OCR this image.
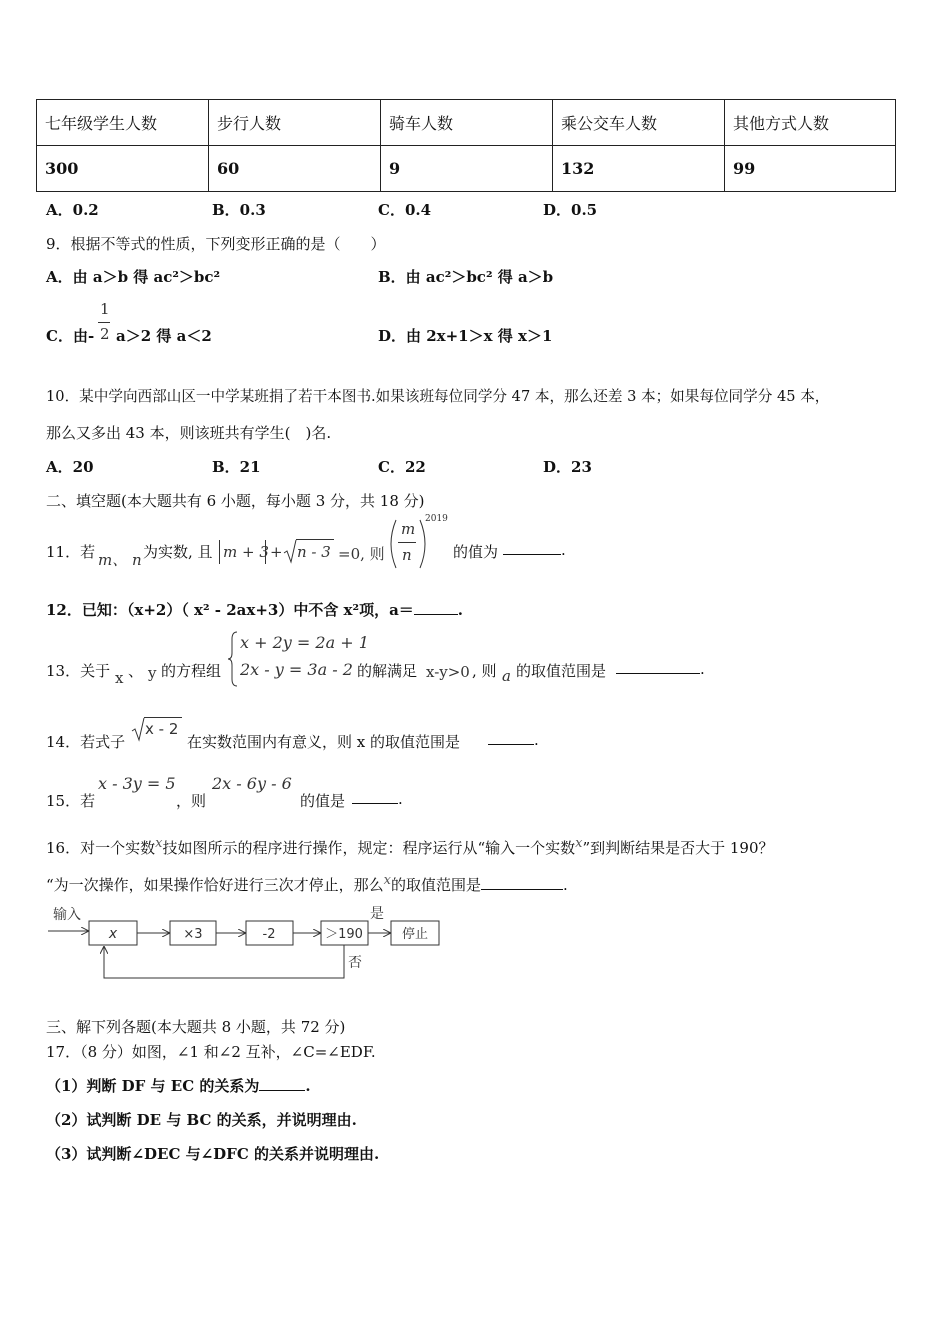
七年级学生人数	步行人数	骑车人数	乘公交车人数	其他方式人数
300	60	9	132	99
A．0.2	B．0.3	C．0.4	D．0.5
9．根据不等式的性质，下列变形正确的是（　　）
A．由 a＞b 得 ac²＞bc²	B．由 ac²＞bc² 得 a＞b
C．由-
1
2 a＞2 得 a＜2	D．由 2x+1＞x 得 x＞1
10．某中学向西部山区一中学某班捐了若干本图书.如果该班每位同学分 47 本，那么还差 3 本；如果每位同学分 45 本，
那么又多出 43 本，则该班共有学生(　)名.
A．20	B．21	C．22	D．23
二、填空题(本大题共有 6 小题，每小题 3 分，共 18 分)
11．若 m、 n 为实数, 且 m + 3 + n - 3 =0, 则
m
n
2019
的值为	.
12．已知：（x+2）（ x² - 2ax+3）中不含 x²项，a＝	.
13．关于 x 、 y 的方程组
x + 2y = 2a + 1
2x - y = 3a - 2 的解满足 x-y>0 , 则 a 的取值范围是	.
14．若式子
x - 2
在实数范围内有意义，则 x 的取值范围是	.
15．若
x - 3y = 5
，则
2x - 6y - 6
的值是	.
16．对一个实数x技如图所示的程序进行操作，规定：程序运行从“输入一个实数x”到判断结果是否大于 190？
“为一次操作，如果操作恰好进行三次才停止，那么x的取值范围是	.
输入
x	×3	-2	＞190
是
停止
否
三、解下列各题(本大题共 8 小题，共 72 分)
17．（8 分）如图，∠1 和∠2 互补，∠C=∠EDF.
（1）判断 DF 与 EC 的关系为	.
（2）试判断 DE 与 BC 的关系，并说明理由.
（3）试判断∠DEC 与∠DFC 的关系并说明理由.
